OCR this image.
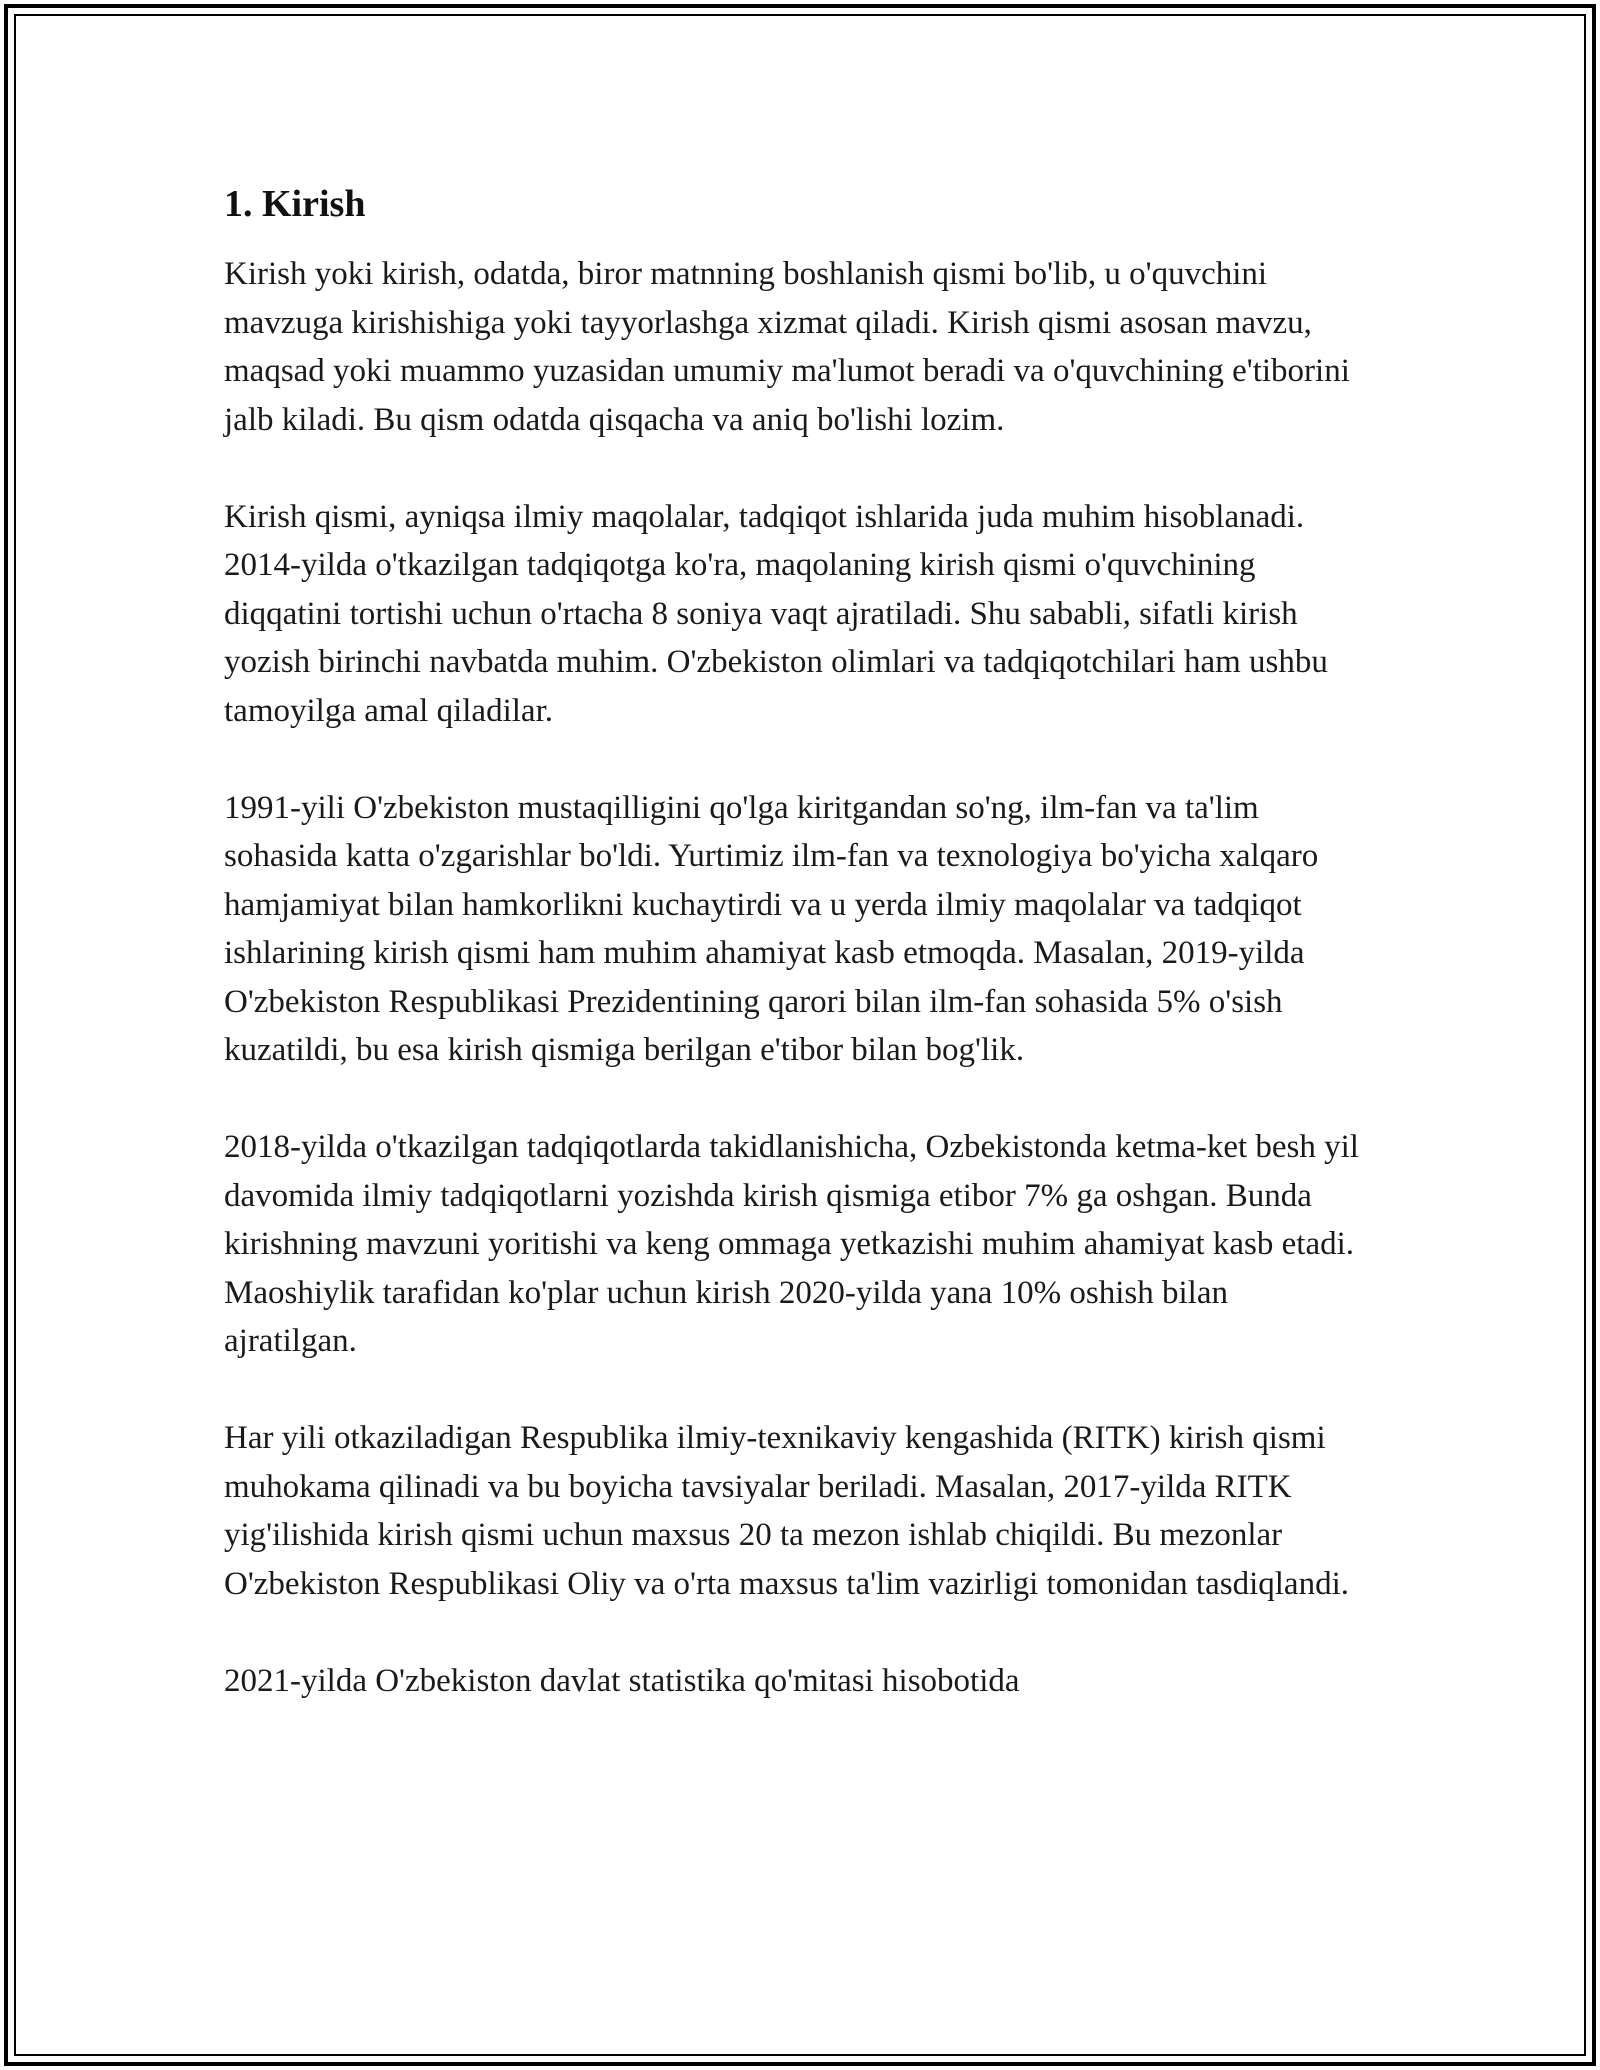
1. Kirish

Kirish yoki kirish, odatda, biror matnning boshlanish qismi bo'lib, u o'quvchini mavzuga kirishishiga yoki tayyorlashga xizmat qiladi. Kirish qismi asosan mavzu, maqsad yoki muammo yuzasidan umumiy ma'lumot beradi va o'quvchining e'tiborini jalb kiladi. Bu qism odatda qisqacha va aniq bo'lishi lozim.

Kirish qismi, ayniqsa ilmiy maqolalar, tadqiqot ishlarida juda muhim hisoblanadi. 2014-yilda o'tkazilgan tadqiqotga ko'ra, maqolaning kirish qismi o'quvchining diqqatini tortishi uchun o'rtacha 8 soniya vaqt ajratiladi. Shu sababli, sifatli kirish yozish birinchi navbatda muhim. O'zbekiston olimlari va tadqiqotchilari ham ushbu tamoyilga amal qiladilar.

1991-yili O'zbekiston mustaqilligini qo'lga kiritgandan so'ng, ilm-fan va ta'lim sohasida katta o'zgarishlar bo'ldi. Yurtimiz ilm-fan va texnologiya bo'yicha xalqaro hamjamiyat bilan hamkorlikni kuchaytirdi va u yerda ilmiy maqolalar va tadqiqot ishlarining kirish qismi ham muhim ahamiyat kasb etmoqda. Masalan, 2019-yilda O'zbekiston Respublikasi Prezidentining qarori bilan ilm-fan sohasida 5% o'sish kuzatildi, bu esa kirish qismiga berilgan e'tibor bilan bog'lik.

2018-yilda o'tkazilgan tadqiqotlarda takidlanishicha, Ozbekistonda ketma-ket besh yil davomida ilmiy tadqiqotlarni yozishda kirish qismiga etibor 7% ga oshgan. Bunda kirishning mavzuni yoritishi va keng ommaga yetkazishi muhim ahamiyat kasb etadi. Maoshiylik tarafidan ko'plar uchun kirish 2020-yilda yana 10% oshish bilan ajratilgan.

Har yili otkaziladigan Respublika ilmiy-texnikaviy kengashida (RITK) kirish qismi muhokama qilinadi va bu boyicha tavsiyalar beriladi. Masalan, 2017-yilda RITK yig'ilishida kirish qismi uchun maxsus 20 ta mezon ishlab chiqildi. Bu mezonlar O'zbekiston Respublikasi Oliy va o'rta maxsus ta'lim vazirligi tomonidan tasdiqlandi.

2021-yilda O'zbekiston davlat statistika qo'mitasi hisobotida
